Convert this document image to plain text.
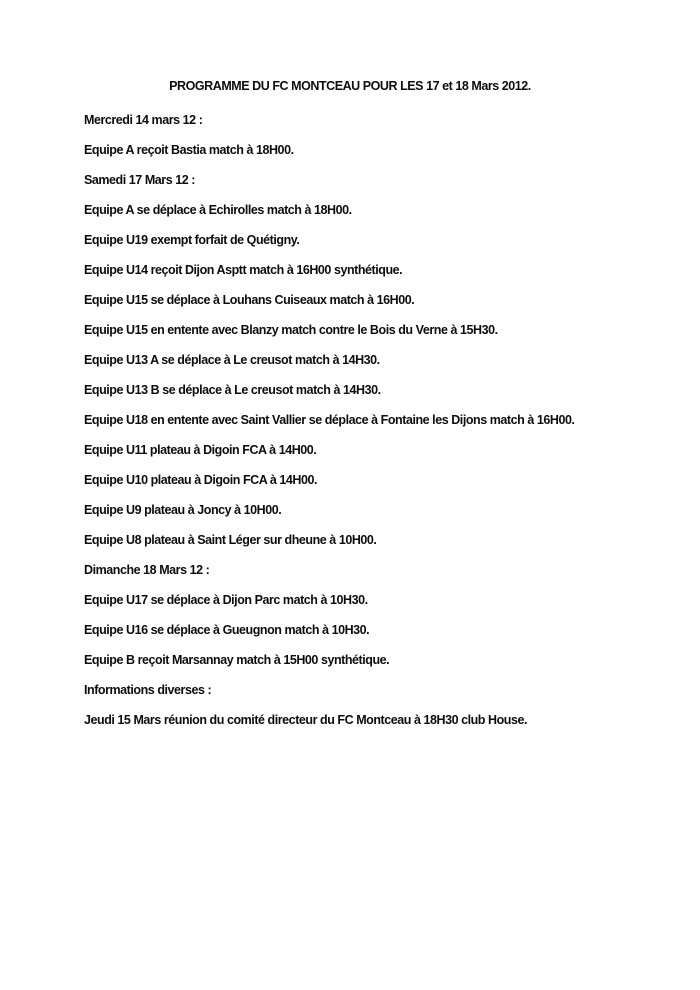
PROGRAMME DU FC MONTCEAU POUR LES 17 et 18 Mars 2012.

Mercredi 14 mars 12 :

Equipe A reçoit Bastia match à 18H00.

Samedi 17 Mars 12 :

Equipe A se déplace à Echirolles match à 18H00.

Equipe U19 exempt forfait de Quétigny.

Equipe U14 reçoit Dijon Asptt match à 16H00 synthétique.

Equipe U15 se déplace à Louhans Cuiseaux match à 16H00.

Equipe U15 en entente avec Blanzy match contre le Bois du Verne à 15H30.

Equipe U13 A se déplace à Le creusot match à 14H30.

Equipe U13 B se déplace à Le creusot match à 14H30.

Equipe U18 en entente avec Saint Vallier se déplace à Fontaine les Dijons match à 16H00.

Equipe U11 plateau à Digoin FCA à 14H00.

Equipe U10 plateau à Digoin FCA à 14H00.

Equipe U9 plateau à Joncy à 10H00.

Equipe U8 plateau à Saint Léger sur dheune à 10H00.

Dimanche 18 Mars 12 :

Equipe U17 se déplace à Dijon Parc match à 10H30.

Equipe U16 se déplace à Gueugnon match à 10H30.

Equipe B reçoit Marsannay match à 15H00 synthétique.

Informations diverses :

Jeudi 15 Mars réunion du comité directeur du FC Montceau à 18H30 club House.
